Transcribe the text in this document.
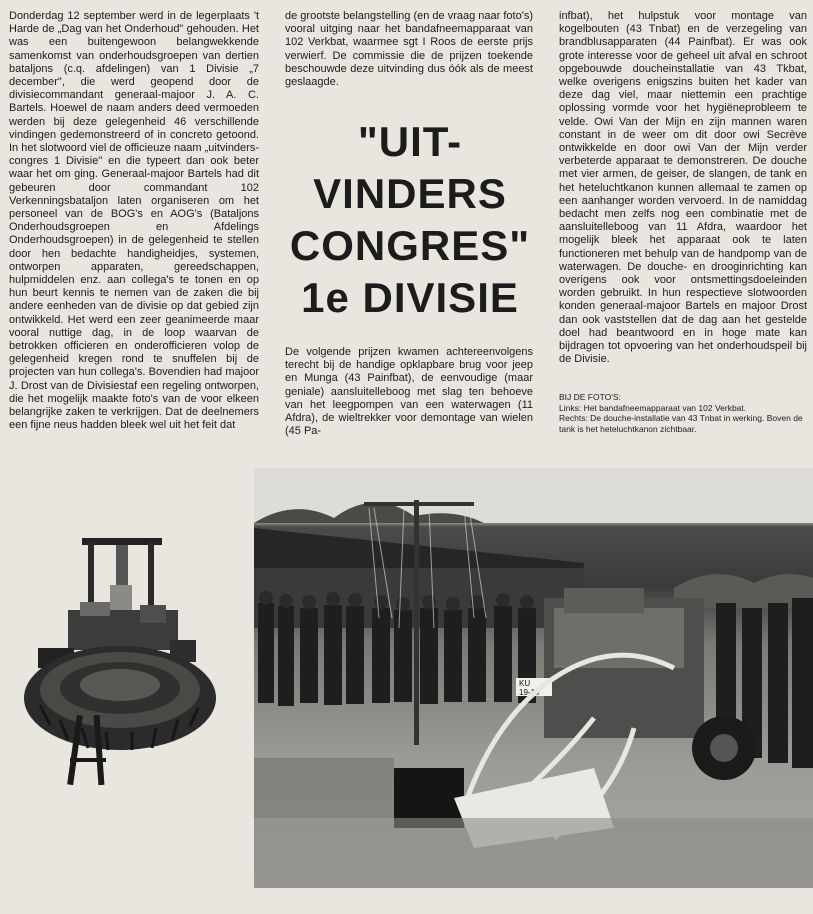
Donderdag 12 september werd in de legerplaats 't Harde de „Dag van het Onderhoud" gehouden. Het was een buitengewoon belangwekkende samenkomst van onderhoudsgroepen van dertien bataljons (c.q. afdelingen) van 1 Divisie „7 december", die werd geopend door de divisiecommandant generaal-majoor J. A. C. Bartels. Hoewel de naam anders deed vermoeden werden bij deze gelegenheid 46 verschillende vindingen gedemonstreerd of in concreto getoond. In het slotwoord viel de officieuze naam „uitvinders-congres 1 Divisie" en die typeert dan ook beter waar het om ging. Generaal-majoor Bartels had dit gebeuren door commandant 102 Verkenningsbataljon laten organiseren om het personeel van de BOG's en AOG's (Bataljons Onderhoudsgroepen en Afdelings Onderhoudsgroepen) in de gelegenheid te stellen door hen bedachte handigheidjes, systemen, ontworpen apparaten, gereedschappen, hulpmiddelen enz. aan collega's te tonen en op hun beurt kennis te nemen van de zaken die bij andere eenheden van de divisie op dat gebied zijn ontwikkeld. Het werd een zeer geanimeerde maar vooral nuttige dag, in de loop waarvan de betrokken officieren en onderofficieren volop de gelegenheid kregen rond te snuffelen bij de projecten van hun collega's. Bovendien had majoor J. Drost van de Divisiestaf een regeling ontworpen, die het mogelijk maakte foto's van de voor elkeen belangrijke zaken te verkrijgen. Dat de deelnemers een fijne neus hadden bleek wel uit het feit dat

de grootste belangstelling (en de vraag naar foto's) vooral uitging naar het bandafneemapparaat van 102 Verkbat, waarmee sgt I Roos de eerste prijs verwierf. De commissie die de prijzen toekende beschouwde deze uitvinding dus óók als de meest geslaagde.

"UIT-
VINDERS
CONGRES"
1e DIVISIE

De volgende prijzen kwamen achtereenvolgens terecht bij de handige opklapbare brug voor jeep en Munga (43 Painfbat), de eenvoudige (maar geniale) aansluitelleboog met slag ten behoeve van het leegpompen van een waterwagen (11 Afdra), de wieltrekker voor demontage van wielen (45 Pa-

infbat), het hulpstuk voor montage van kogelbouten (43 Tnbat) en de verzegeling van brandblusapparaten (44 Painfbat). Er was ook grote interesse voor de geheel uit afval en schroot opgebouwde doucheinstallatie van 43 Tkbat, welke overigens enigszins buiten het kader van deze dag viel, maar niettemin een prachtige oplossing vormde voor het hygiëneprobleem te velde. Owi Van der Mijn en zijn mannen waren constant in de weer om dit door owi Secrève ontwikkelde en door owi Van der Mijn verder verbeterde apparaat te demonstreren. De douche met vier armen, de geiser, de slangen, de tank en het heteluchtkanon kunnen allemaal te zamen op een aanhanger worden vervoerd. In de namiddag bedacht men zelfs nog een combinatie met de aansluitelleboog van 11 Afdra, waardoor het mogelijk bleek het apparaat ook te laten functioneren met behulp van de handpomp van de waterwagen. De douche- en drooginrichting kan overigens ook voor ontsmettingsdoeleinden worden gebruikt. In hun respectieve slotwoorden konden generaal-majoor Bartels en majoor Drost dan ook vaststellen dat de dag aan het gestelde doel had beantwoord en in hoge mate kan bijdragen tot opvoering van het onderhoudspeil bij de Divisie.

BIJ DE FOTO'S:
Links: Het bandafneemapparaat van 102 Verkbat.
Rechts: De douche-installatie van 43 Tnbat in werking. Boven de tank is het heteluchtkanon zichtbaar.
KU
19-18
